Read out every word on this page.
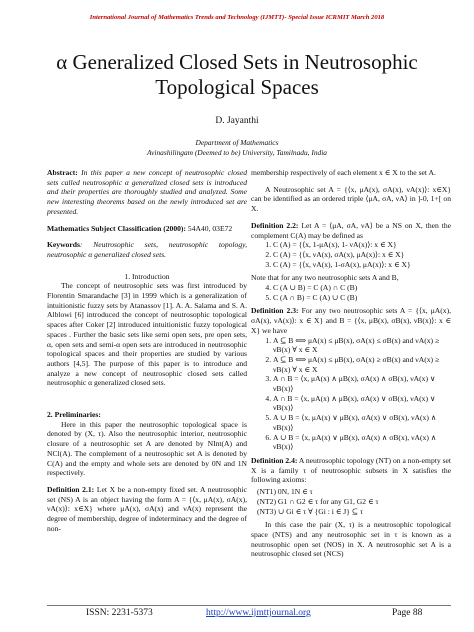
International Journal of Mathematics Trends and Technology (IJMTT)- Special Issue ICRMIT March 2018
α Generalized Closed Sets in Neutrosophic Topological Spaces
D. Jayanthi
Department of Mathematics
Avinashilingam (Deemed to be) University, Tamilnadu, India

Abstract: In this paper a new concept of neutrosophic closed sets called neutrosophic α generalized closed sets is introduced and their properties are thoroughly studied and analyzed. Some new interesting theorems based on the newly introduced set are presented.

Mathematics Subject Classification (2000): 54A40, 03E72

Keywords: Neutrosophic sets, neutrosophic topology, neutrosophic α generalized closed sets.

1. Introduction

The concept of neutrosophic sets was first introduced by Florentin Smarandache [3] in 1999 which is a generalization of intuitionistic fuzzy sets by Atanassov [1]. A. A. Salama and S. A. Alblowi [6] introduced the concept of neutrosophic topological spaces after Coker [2] introduced intuitionistic fuzzy topological spaces . Further the basic sets like semi open sets, pre open sets, α, open sets and semi-α open sets are introduced in neutrosophic topological spaces and their properties are studied by various authors [4,5]. The purpose of this paper is to introduce and analyze a new concept of neutrosophic closed sets called neutrosophic α generalized closed sets.

2. Preliminaries:

Here in this paper the neutrosophic topological space is denoted by (X, τ). Also the neutrosophic interior, neutrosophic closure of a neutrosophic set A are denoted by NInt(A) and NCl(A). The complement of a neutrosophic set A is denoted by C(A) and the empty and whole sets are denoted by 0N and 1N respectively.

Definition 2.1: Let X be a non-empty fixed set. A neutrosophic set (NS) A is an object having the form A = {⟨x, μA(x), σA(x), νA(x)⟩: x∈X} where μA(x), σA(x) and νA(x) represent the degree of membership, degree of indeterminacy and the degree of non-

membership respectively of each element x ∈ X to the set A.

A Neutrosophic set A = {⟨x, μA(x), σA(x), νA(x)⟩: x∈X} can be identified as an ordered triple ⟨μA, σA, νA⟩ in ]-0, 1+[ on X.

Definition 2.2: Let A = ⟨μA, σA, νA⟩ be a NS on X, then the complement C(A) may be defined as

1. C (A) = {⟨x, 1-μA(x), 1- νA(x)⟩: x ∈ X}
2. C (A) = {⟨x, νA(x), σA(x), μA(x)⟩: x ∈ X}
3. C (A) = {⟨x, νA(x), 1-σA(x), μA(x)⟩: x ∈ X}

Note that for any two neutrosophic sets A and B,

4. C (A ∪ B) = C (A) ∩ C (B)
5. C (A ∩ B) = C (A) ∪ C (B)

Definition 2.3: For any two neutrosophic sets A = {⟨x, μA(x), σA(x), νA(x)⟩: x ∈ X} and B = {⟨x, μB(x), σB(x), νB(x)⟩: x ∈ X} we have

1. A ⊆ B ⟺ μA(x) ≤ μB(x), σA(x) ≤ σB(x) and νA(x) ≥ νB(x) ∀ x ∈ X
2. A ⊆ B ⟺ μA(x) ≤ μB(x), σA(x) ≥ σB(x) and νA(x) ≥ νB(x) ∀ x ∈ X
3. A ∩ B = ⟨x, μA(x) ∧ μB(x), σA(x) ∧ σB(x), νA(x) ∨ νB(x)⟩
4. A ∩ B = ⟨x, μA(x) ∧ μB(x), σA(x) ∨ σB(x), νA(x) ∨ νB(x)⟩
5. A ∪ B = ⟨x, μA(x) ∨ μB(x), σA(x) ∨ σB(x), νA(x) ∧ νB(x)⟩
6. A ∪ B = ⟨x, μA(x) ∨ μB(x), σA(x) ∧ σB(x), νA(x) ∧ νB(x)⟩

Definition 2.4: A neutrosophic topology (NT) on a non-empty set X is a family τ of neutrosophic subsets in X satisfies the following axioms:

(NT1) 0N, 1N ∈ τ
(NT2) G1 ∩ G2 ∈ τ for any G1, G2 ∈ τ
(NT3) ∪ Gi ∈ τ ∀ {Gi : i ∈ J} ⊆ τ

In this case the pair (X, τ) is a neutrosophic topological space (NTS) and any neutrosophic set in τ is known as a neutrosophic open set (NOS) in X. A neutrosophic set A is a neutrosophic closed set (NCS)

ISSN: 2231-5373	http://www.ijmttjournal.org	Page 88
